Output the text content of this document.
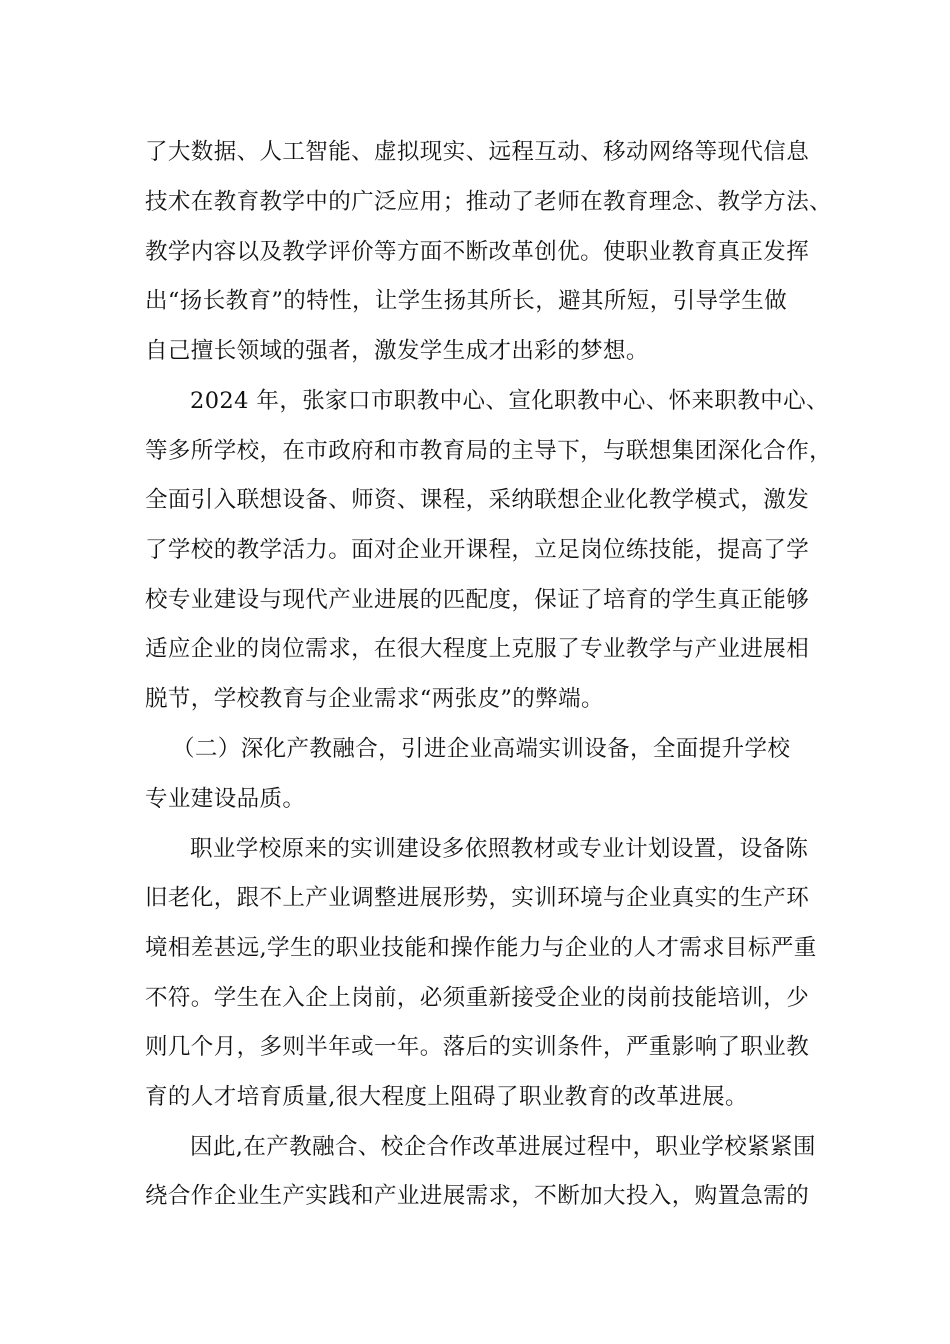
了大数据、人工智能、虚拟现实、远程互动、移动网络等现代信息

技术在教育教学中的广泛应用；推动了老师在教育理念、教学方法、

教学内容以及教学评价等方面不断改革创优。使职业教育真正发挥

出“扬长教育”的特性，让学生扬其所长，避其所短，引导学生做

自己擅长领域的强者，激发学生成才出彩的梦想。

2024 年，张家口市职教中心、宣化职教中心、怀来职教中心、

等多所学校，在市政府和市教育局的主导下，与联想集团深化合作，

全面引入联想设备、师资、课程，采纳联想企业化教学模式，激发

了学校的教学活力。面对企业开课程，立足岗位练技能，提高了学

校专业建设与现代产业进展的匹配度，保证了培育的学生真正能够

适应企业的岗位需求，在很大程度上克服了专业教学与产业进展相

脱节，学校教育与企业需求“两张皮”的弊端。

（二）深化产教融合，引进企业高端实训设备，全面提升学校

专业建设品质。

职业学校原来的实训建设多依照教材或专业计划设置，设备陈

旧老化，跟不上产业调整进展形势，实训环境与企业真实的生产环

境相差甚远,学生的职业技能和操作能力与企业的人才需求目标严重

不符。学生在入企上岗前，必须重新接受企业的岗前技能培训，少

则几个月，多则半年或一年。落后的实训条件，严重影响了职业教

育的人才培育质量,很大程度上阻碍了职业教育的改革进展。

因此,在产教融合、校企合作改革进展过程中，职业学校紧紧围

绕合作企业生产实践和产业进展需求，不断加大投入，购置急需的
